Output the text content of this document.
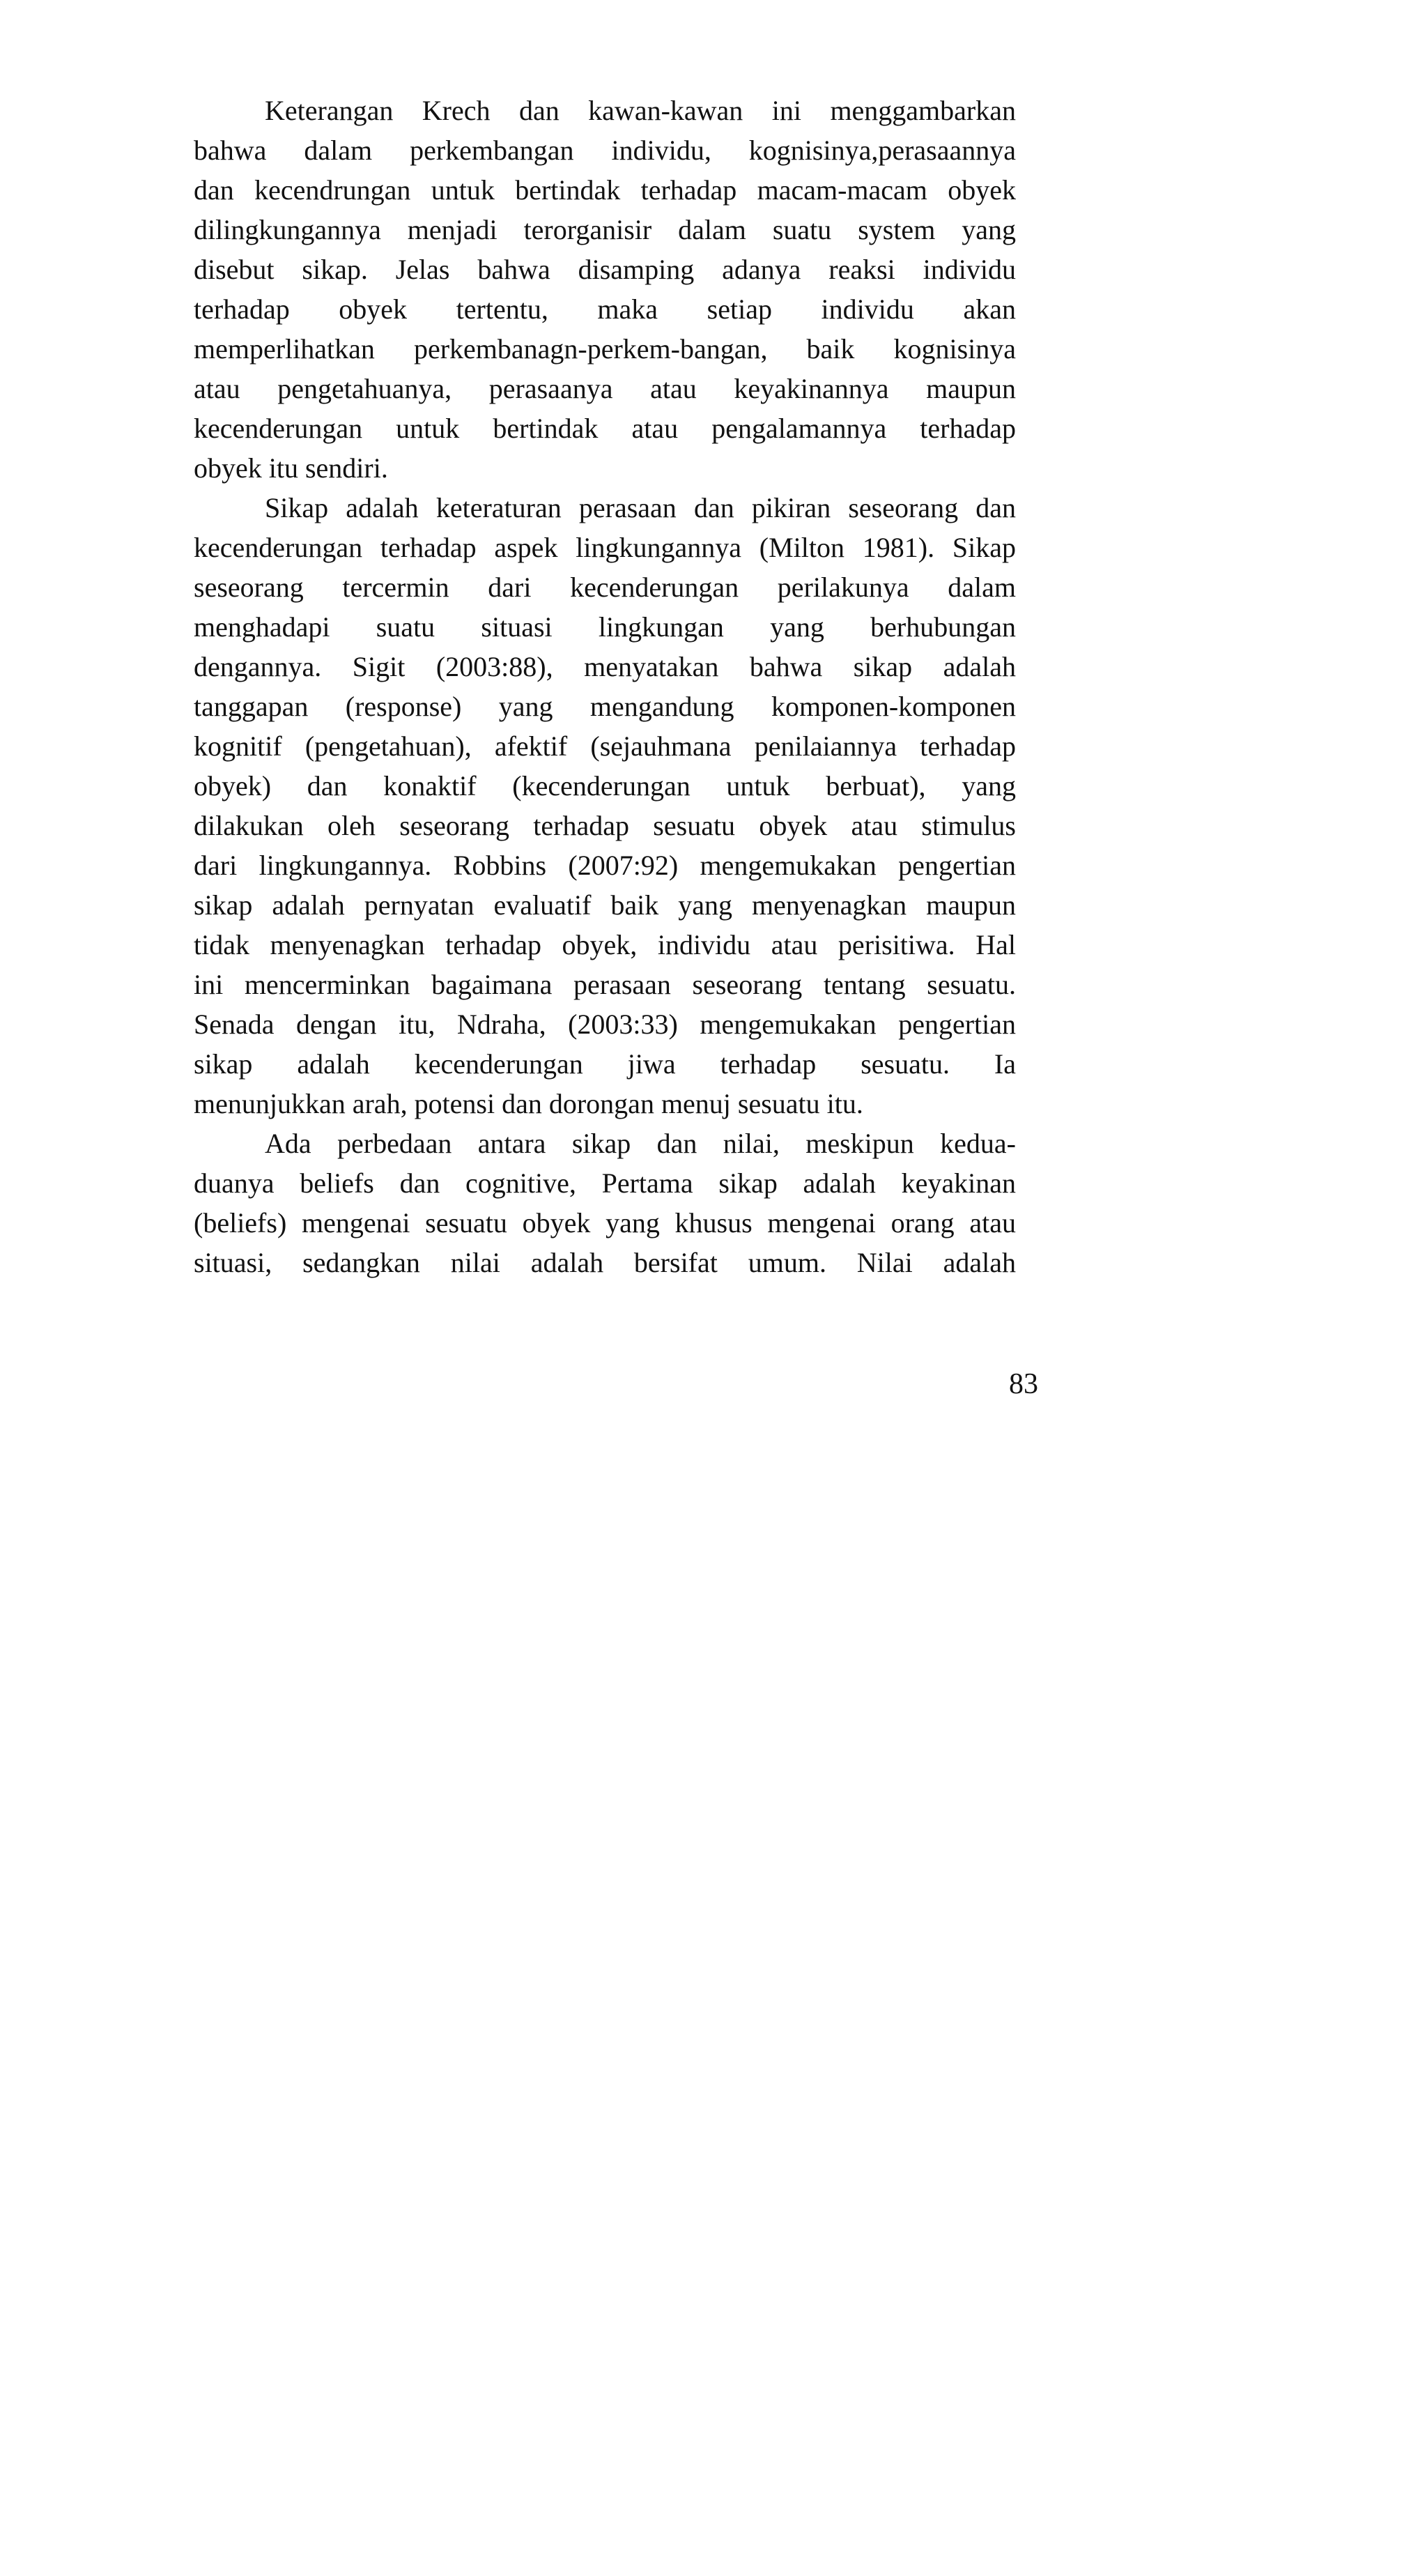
Keterangan Krech dan kawan-kawan ini menggambarkan
bahwa dalam perkembangan individu, kognisinya,perasaannya
dan kecendrungan untuk bertindak terhadap macam-macam obyek
dilingkungannya menjadi terorganisir dalam suatu system yang
disebut sikap. Jelas bahwa disamping adanya reaksi individu
terhadap obyek tertentu, maka setiap individu akan
memperlihatkan perkembanagn-perkem-bangan, baik kognisinya
atau pengetahuanya, perasaanya atau keyakinannya maupun
kecenderungan untuk bertindak atau pengalamannya terhadap
obyek itu sendiri.
Sikap adalah keteraturan perasaan dan pikiran seseorang dan
kecenderungan terhadap aspek lingkungannya (Milton 1981). Sikap
seseorang tercermin dari kecenderungan perilakunya dalam
menghadapi suatu situasi lingkungan yang berhubungan
dengannya. Sigit (2003:88), menyatakan bahwa sikap adalah
tanggapan (response) yang mengandung komponen-komponen
kognitif (pengetahuan), afektif (sejauhmana penilaiannya terhadap
obyek) dan konaktif (kecenderungan untuk berbuat), yang
dilakukan oleh seseorang terhadap sesuatu obyek atau stimulus
dari lingkungannya. Robbins (2007:92) mengemukakan pengertian
sikap adalah pernyatan evaluatif baik yang menyenagkan maupun
tidak menyenagkan terhadap obyek, individu atau perisitiwa. Hal
ini mencerminkan bagaimana perasaan seseorang tentang sesuatu.
Senada dengan itu, Ndraha, (2003:33) mengemukakan pengertian
sikap adalah kecenderungan jiwa terhadap sesuatu. Ia
menunjukkan arah, potensi dan dorongan menuj sesuatu itu.
Ada perbedaan antara sikap dan nilai, meskipun kedua-
duanya beliefs dan cognitive, Pertama sikap adalah keyakinan
(beliefs) mengenai sesuatu obyek yang khusus mengenai orang atau
situasi, sedangkan nilai adalah bersifat umum. Nilai adalah
83
